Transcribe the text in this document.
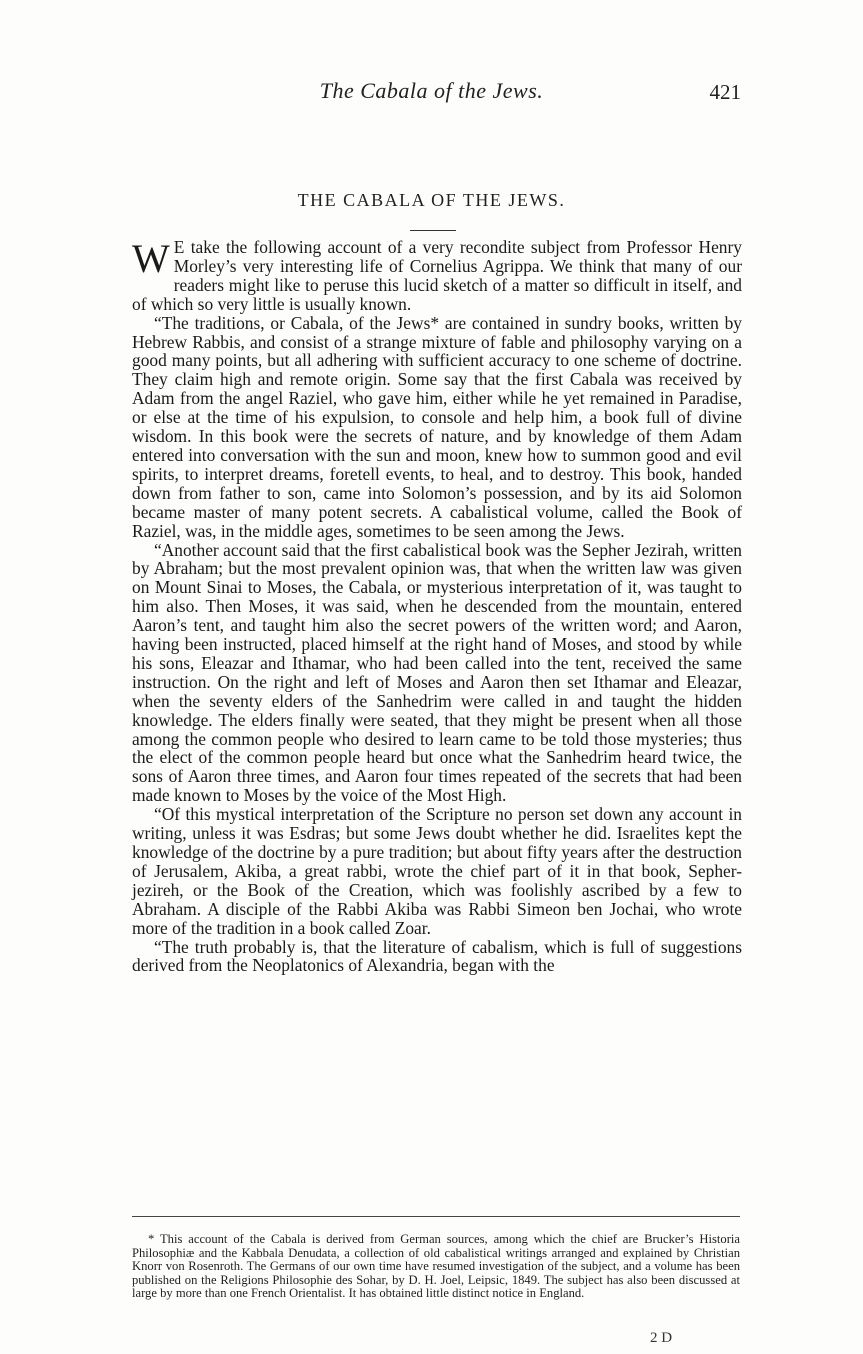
The Cabala of the Jews.	421
THE CABALA OF THE JEWS.

W E take the following account of a very recondite subject from Professor Henry Morley’s very interesting life of Cornelius Agrippa. We think that many of our readers might like to peruse this lucid sketch of a matter so difficult in itself, and of which so very little is usually known.

“The traditions, or Cabala, of the Jews* are contained in sundry books, written by Hebrew Rabbis, and consist of a strange mixture of fable and philosophy varying on a good many points, but all adhering with sufficient accuracy to one scheme of doctrine. They claim high and remote origin. Some say that the first Cabala was received by Adam from the angel Raziel, who gave him, either while he yet remained in Paradise, or else at the time of his expulsion, to console and help him, a book full of divine wisdom. In this book were the secrets of nature, and by knowledge of them Adam entered into conversation with the sun and moon, knew how to summon good and evil spirits, to interpret dreams, foretell events, to heal, and to destroy. This book, handed down from father to son, came into Solomon’s possession, and by its aid Solomon became master of many potent secrets. A cabalistical volume, called the Book of Raziel, was, in the middle ages, sometimes to be seen among the Jews.

“Another account said that the first cabalistical book was the Sepher Jezirah, written by Abraham; but the most prevalent opinion was, that when the written law was given on Mount Sinai to Moses, the Cabala, or mysterious interpretation of it, was taught to him also. Then Moses, it was said, when he descended from the mountain, entered Aaron’s tent, and taught him also the secret powers of the written word; and Aaron, having been instructed, placed himself at the right hand of Moses, and stood by while his sons, Eleazar and Ithamar, who had been called into the tent, received the same instruction. On the right and left of Moses and Aaron then set Ithamar and Eleazar, when the seventy elders of the Sanhedrim were called in and taught the hidden knowledge. The elders finally were seated, that they might be present when all those among the common people who desired to learn came to be told those mysteries; thus the elect of the common people heard but once what the Sanhedrim heard twice, the sons of Aaron three times, and Aaron four times repeated of the secrets that had been made known to Moses by the voice of the Most High.

“Of this mystical interpretation of the Scripture no person set down any account in writing, unless it was Esdras; but some Jews doubt whether he did. Israelites kept the knowledge of the doctrine by a pure tradition; but about fifty years after the destruction of Jerusalem, Akiba, a great rabbi, wrote the chief part of it in that book, Sepher-jezireh, or the Book of the Creation, which was foolishly ascribed by a few to Abraham. A disciple of the Rabbi Akiba was Rabbi Simeon ben Jochai, who wrote more of the tradition in a book called Zoar.

“The truth probably is, that the literature of cabalism, which is full of suggestions derived from the Neoplatonics of Alexandria, began with the

* This account of the Cabala is derived from German sources, among which the chief are Brucker’s Historia Philosophiæ and the Kabbala Denudata, a collection of old cabalistical writings arranged and explained by Christian Knorr von Rosenroth. The Germans of our own time have resumed investigation of the subject, and a volume has been published on the Religions Philosophie des Sohar, by D. H. Joel, Leipsic, 1849. The subject has also been discussed at large by more than one French Orientalist. It has obtained little distinct notice in England.

2 D
